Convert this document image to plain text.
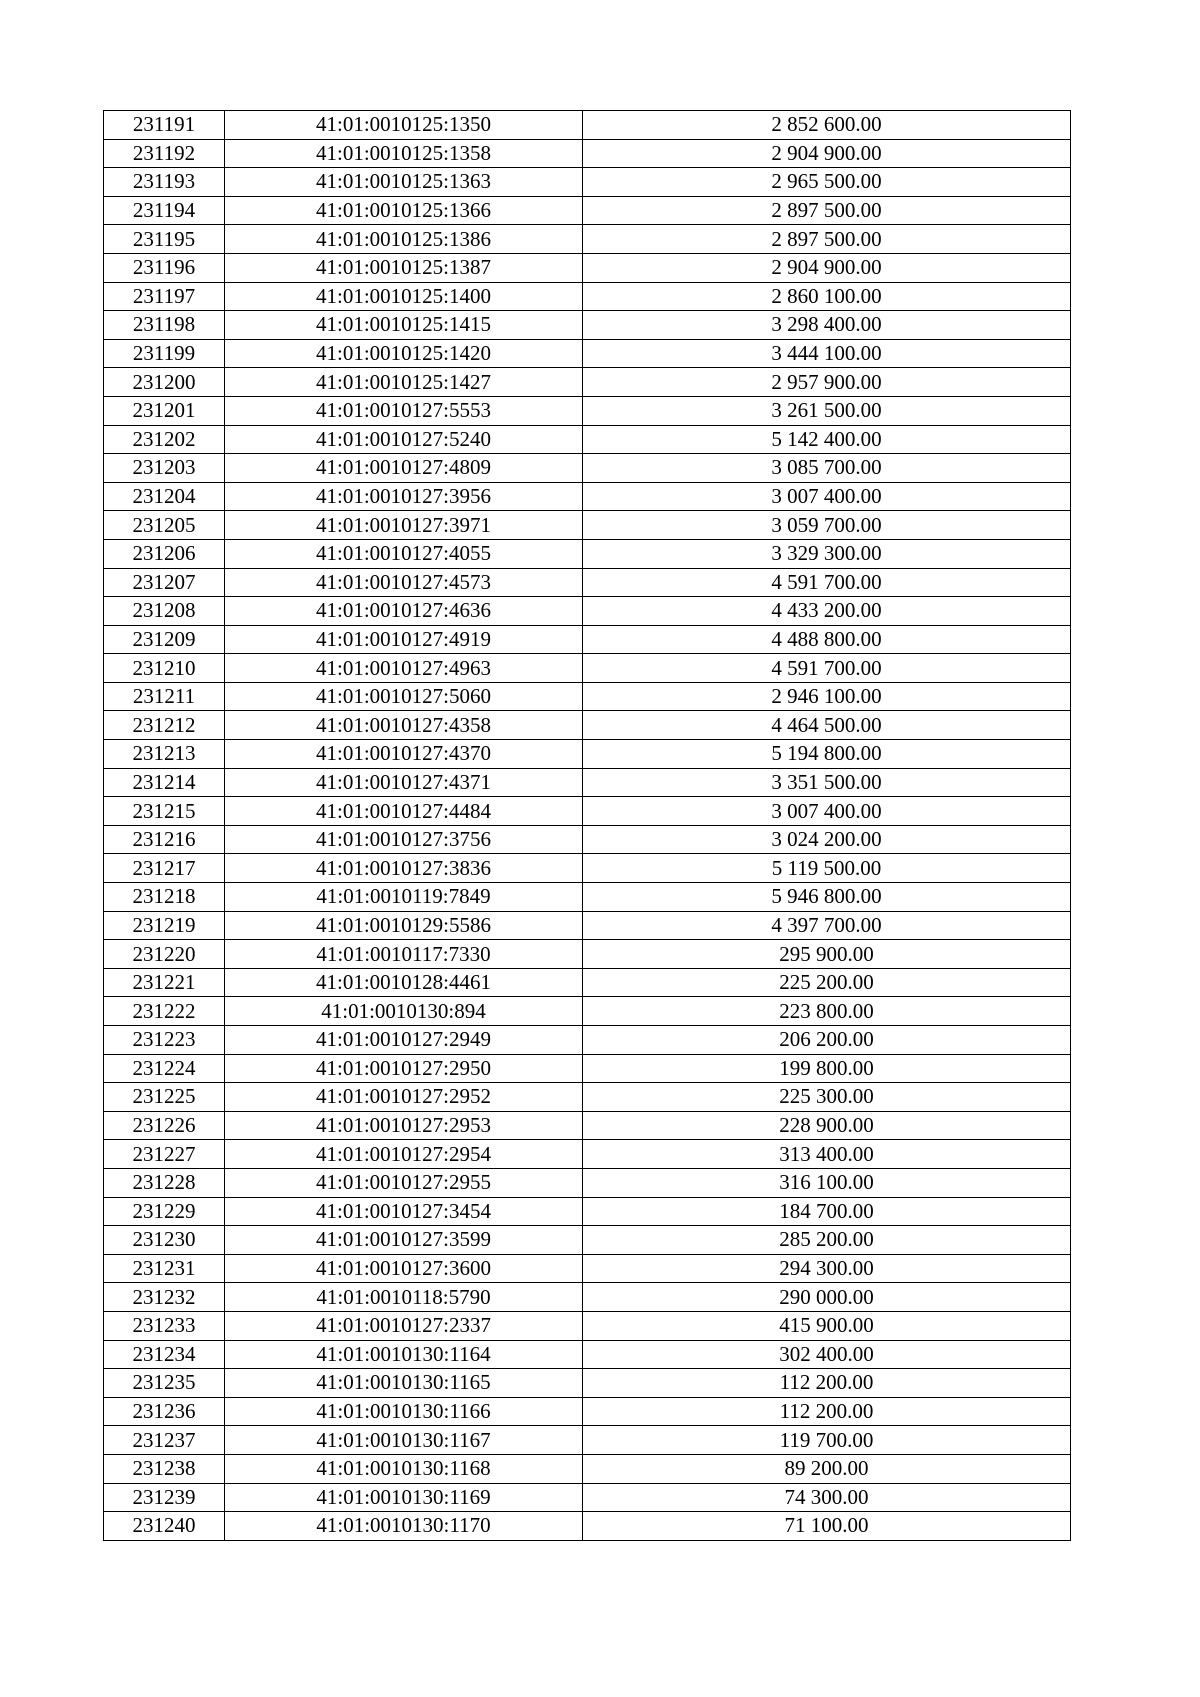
231191	41:01:0010125:1350	2 852 600.00
231192	41:01:0010125:1358	2 904 900.00
231193	41:01:0010125:1363	2 965 500.00
231194	41:01:0010125:1366	2 897 500.00
231195	41:01:0010125:1386	2 897 500.00
231196	41:01:0010125:1387	2 904 900.00
231197	41:01:0010125:1400	2 860 100.00
231198	41:01:0010125:1415	3 298 400.00
231199	41:01:0010125:1420	3 444 100.00
231200	41:01:0010125:1427	2 957 900.00
231201	41:01:0010127:5553	3 261 500.00
231202	41:01:0010127:5240	5 142 400.00
231203	41:01:0010127:4809	3 085 700.00
231204	41:01:0010127:3956	3 007 400.00
231205	41:01:0010127:3971	3 059 700.00
231206	41:01:0010127:4055	3 329 300.00
231207	41:01:0010127:4573	4 591 700.00
231208	41:01:0010127:4636	4 433 200.00
231209	41:01:0010127:4919	4 488 800.00
231210	41:01:0010127:4963	4 591 700.00
231211	41:01:0010127:5060	2 946 100.00
231212	41:01:0010127:4358	4 464 500.00
231213	41:01:0010127:4370	5 194 800.00
231214	41:01:0010127:4371	3 351 500.00
231215	41:01:0010127:4484	3 007 400.00
231216	41:01:0010127:3756	3 024 200.00
231217	41:01:0010127:3836	5 119 500.00
231218	41:01:0010119:7849	5 946 800.00
231219	41:01:0010129:5586	4 397 700.00
231220	41:01:0010117:7330	295 900.00
231221	41:01:0010128:4461	225 200.00
231222	41:01:0010130:894	223 800.00
231223	41:01:0010127:2949	206 200.00
231224	41:01:0010127:2950	199 800.00
231225	41:01:0010127:2952	225 300.00
231226	41:01:0010127:2953	228 900.00
231227	41:01:0010127:2954	313 400.00
231228	41:01:0010127:2955	316 100.00
231229	41:01:0010127:3454	184 700.00
231230	41:01:0010127:3599	285 200.00
231231	41:01:0010127:3600	294 300.00
231232	41:01:0010118:5790	290 000.00
231233	41:01:0010127:2337	415 900.00
231234	41:01:0010130:1164	302 400.00
231235	41:01:0010130:1165	112 200.00
231236	41:01:0010130:1166	112 200.00
231237	41:01:0010130:1167	119 700.00
231238	41:01:0010130:1168	89 200.00
231239	41:01:0010130:1169	74 300.00
231240	41:01:0010130:1170	71 100.00
